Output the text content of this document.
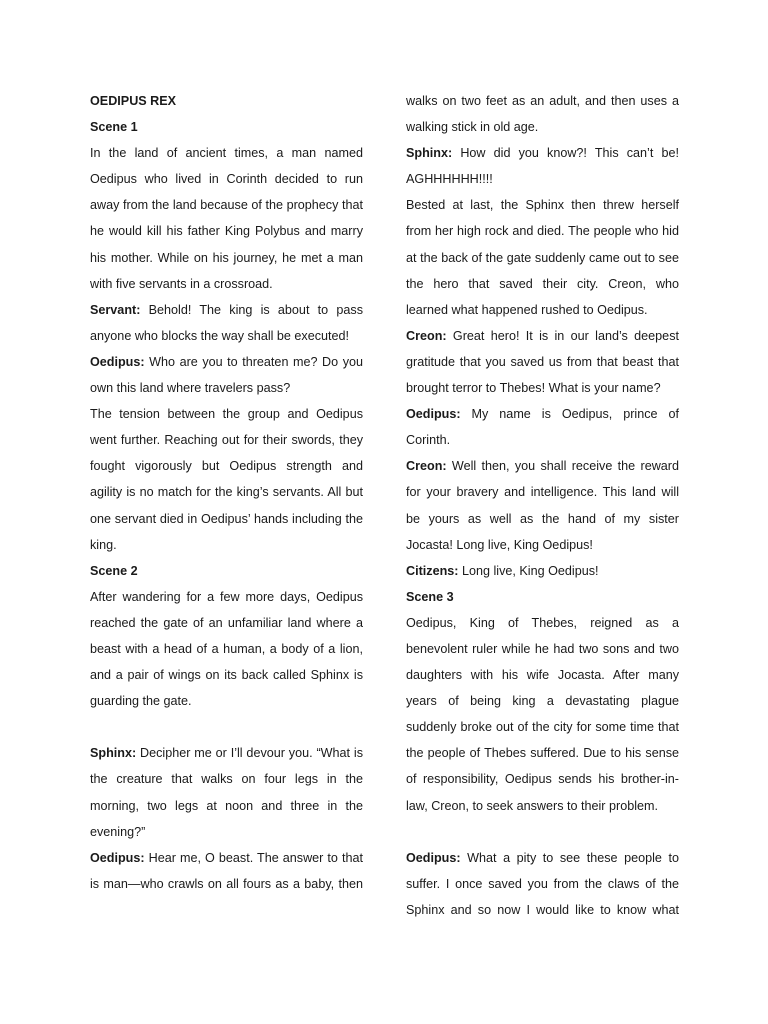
OEDIPUS REX

Scene 1

In the land of ancient times, a man named Oedipus who lived in Corinth decided to run away from the land because of the prophecy that he would kill his father King Polybus and marry his mother. While on his journey, he met a man with five servants in a crossroad.

Servant: Behold! The king is about to pass anyone who blocks the way shall be executed!

Oedipus: Who are you to threaten me? Do you own this land where travelers pass?

The tension between the group and Oedipus went further. Reaching out for their swords, they fought vigorously but Oedipus strength and agility is no match for the king’s servants. All but one servant died in Oedipus’ hands including the king.

Scene 2

After wandering for a few more days, Oedipus reached the gate of an unfamiliar land where a beast with a head of a human, a body of a lion, and a pair of wings on its back called Sphinx is guarding the gate.

Sphinx: Decipher me or I’ll devour you. “What is the creature that walks on four legs in the morning, two legs at noon and three in the evening?”

Oedipus: Hear me, O beast. The answer to that is man—who crawls on all fours as a baby, then

walks on two feet as an adult, and then uses a walking stick in old age.

Sphinx: How did you know?! This can’t be! AGHHHHHH!!!!

Bested at last, the Sphinx then threw herself from her high rock and died. The people who hid at the back of the gate suddenly came out to see the hero that saved their city. Creon, who learned what happened rushed to Oedipus.

Creon: Great hero! It is in our land’s deepest gratitude that you saved us from that beast that brought terror to Thebes! What is your name?

Oedipus: My name is Oedipus, prince of Corinth.

Creon: Well then, you shall receive the reward for your bravery and intelligence. This land will be yours as well as the hand of my sister Jocasta! Long live, King Oedipus!

Citizens: Long live, King Oedipus!

Scene 3

Oedipus, King of Thebes, reigned as a benevolent ruler while he had two sons and two daughters with his wife Jocasta. After many years of being king a devastating plague suddenly broke out of the city for some time that the people of Thebes suffered. Due to his sense of responsibility, Oedipus sends his brother-in-law, Creon, to seek answers to their problem.

Oedipus: What a pity to see these people to suffer. I once saved you from the claws of the Sphinx and so now I would like to know what
